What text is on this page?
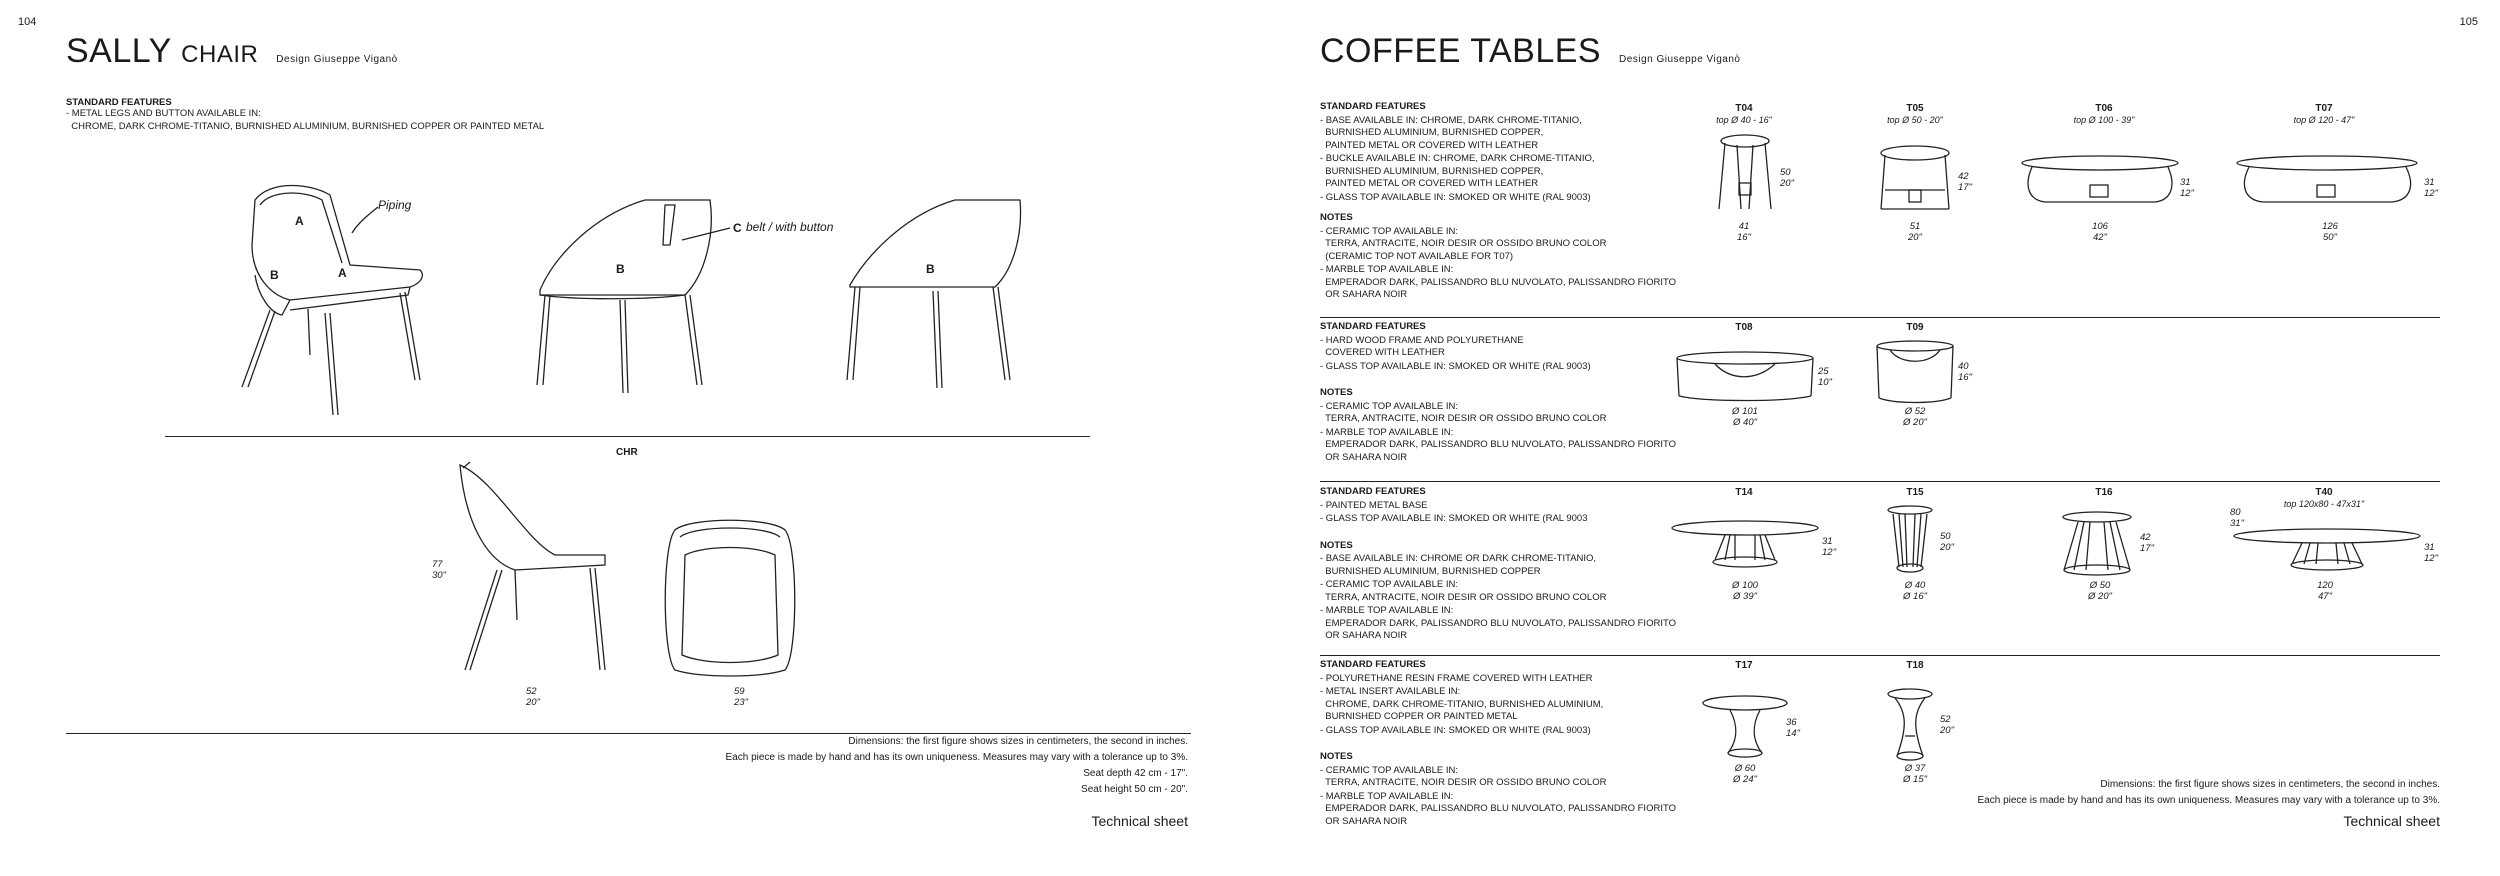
104
SALLY CHAIR Design Giuseppe Viganò
STANDARD FEATURES
- METAL LEGS AND BUTTON AVAILABLE IN:
CHROME, DARK CHROME-TITANIO, BURNISHED ALUMINIUM, BURNISHED COPPER OR PAINTED METAL
A
A
B
Piping
B
C belt / with button
B
CHR
77
30"
52
20"
59
23"
Dimensions: the first figure shows sizes in centimeters, the second in inches.
Each piece is made by hand and has its own uniqueness. Measures may vary with a tolerance up to 3%.
Seat depth 42 cm - 17".
Seat height 50 cm - 20".
Technical sheet
105
COFFEE TABLES Design Giuseppe Viganò
STANDARD FEATURES
- BASE AVAILABLE IN: CHROME, DARK CHROME-TITANIO,
BURNISHED ALUMINIUM, BURNISHED COPPER,
PAINTED METAL OR COVERED WITH LEATHER
- BUCKLE AVAILABLE IN: CHROME, DARK CHROME-TITANIO,
BURNISHED ALUMINIUM, BURNISHED COPPER,
PAINTED METAL OR COVERED WITH LEATHER
- GLASS TOP AVAILABLE IN: SMOKED OR WHITE (RAL 9003)
NOTES
- CERAMIC TOP AVAILABLE IN:
TERRA, ANTRACITE, NOIR DESIR OR OSSIDO BRUNO COLOR
(CERAMIC TOP NOT AVAILABLE FOR T07)
- MARBLE TOP AVAILABLE IN:
EMPERADOR DARK, PALISSANDRO BLU NUVOLATO, PALISSANDRO FIORITO
OR SAHARA NOIR
STANDARD FEATURES
- HARD WOOD FRAME AND POLYURETHANE
COVERED WITH LEATHER
- GLASS TOP AVAILABLE IN: SMOKED OR WHITE (RAL 9003)
NOTES
- CERAMIC TOP AVAILABLE IN:
TERRA, ANTRACITE, NOIR DESIR OR OSSIDO BRUNO COLOR
- MARBLE TOP AVAILABLE IN:
EMPERADOR DARK, PALISSANDRO BLU NUVOLATO, PALISSANDRO FIORITO
OR SAHARA NOIR
STANDARD FEATURES
- PAINTED METAL BASE
- GLASS TOP AVAILABLE IN: SMOKED OR WHITE (RAL 9003
NOTES
- BASE AVAILABLE IN: CHROME OR DARK CHROME-TITANIO,
BURNISHED ALUMINIUM, BURNISHED COPPER
- CERAMIC TOP AVAILABLE IN:
TERRA, ANTRACITE, NOIR DESIR OR OSSIDO BRUNO COLOR
- MARBLE TOP AVAILABLE IN:
EMPERADOR DARK, PALISSANDRO BLU NUVOLATO, PALISSANDRO FIORITO
OR SAHARA NOIR
STANDARD FEATURES
- POLYURETHANE RESIN FRAME COVERED WITH LEATHER
- METAL INSERT AVAILABLE IN:
CHROME, DARK CHROME-TITANIO, BURNISHED ALUMINIUM,
BURNISHED COPPER OR PAINTED METAL
- GLASS TOP AVAILABLE IN: SMOKED OR WHITE (RAL 9003)
NOTES
- CERAMIC TOP AVAILABLE IN:
TERRA, ANTRACITE, NOIR DESIR OR OSSIDO BRUNO COLOR
- MARBLE TOP AVAILABLE IN:
EMPERADOR DARK, PALISSANDRO BLU NUVOLATO, PALISSANDRO FIORITO
OR SAHARA NOIR
T04
top Ø 40 - 16"
50
20"
41
16"
T05
top Ø 50 - 20"
42
17"
51
20"
T06
top Ø 100 - 39"
31
12"
106
42"
T07
top Ø 120 - 47"
31
12"
126
50"
T08
25
10"
Ø 101
Ø 40"
T09
40
16"
Ø 52
Ø 20"
T14
31
12"
Ø 100
Ø 39"
T15
50
20"
Ø 40
Ø 16"
T16
42
17"
Ø 50
Ø 20"
T40
top 120x80 - 47x31"
80
31"
31
12"
120
47"
T17
36
14"
Ø 60
Ø 24"
T18
52
20"
Ø 37
Ø 15"	Dimensions: the first figure shows sizes in centimeters, the second in inches.
Each piece is made by hand and has its own uniqueness. Measures may vary with a tolerance up to 3%.
Technical sheet
